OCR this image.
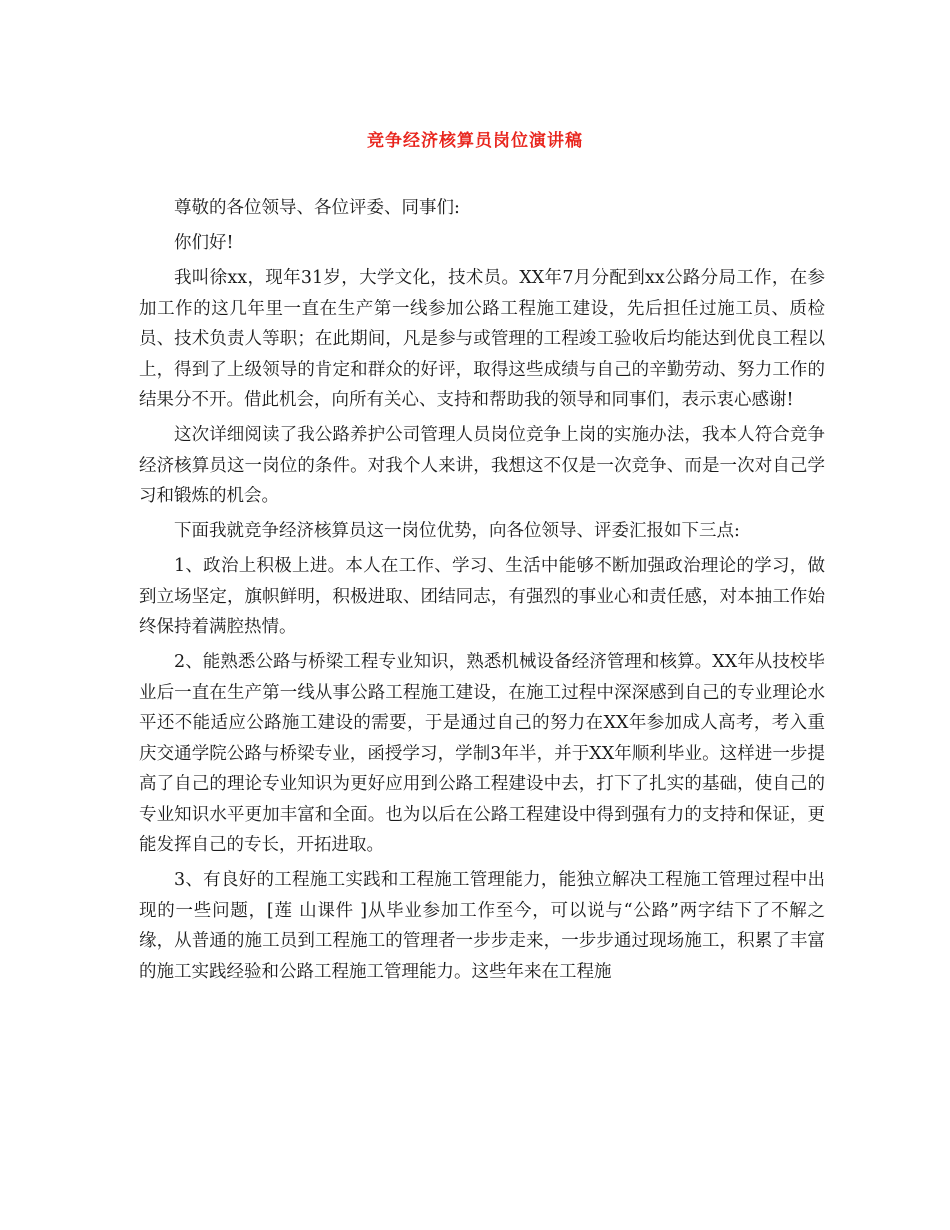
竞争经济核算员岗位演讲稿

尊敬的各位领导、各位评委、同事们:

你们好!

我叫徐xx，现年31岁，大学文化，技术员。XX年7月分配到xx公路分局工作，在参加工作的这几年里一直在生产第一线参加公路工程施工建设，先后担任过施工员、质检员、技术负责人等职；在此期间，凡是参与或管理的工程竣工验收后均能达到优良工程以上，得到了上级领导的肯定和群众的好评，取得这些成绩与自己的辛勤劳动、努力工作的结果分不开。借此机会，向所有关心、支持和帮助我的领导和同事们，表示衷心感谢!

这次详细阅读了我公路养护公司管理人员岗位竞争上岗的实施办法，我本人符合竞争经济核算员这一岗位的条件。对我个人来讲，我想这不仅是一次竞争、而是一次对自己学习和锻炼的机会。

下面我就竞争经济核算员这一岗位优势，向各位领导、评委汇报如下三点:

1、政治上积极上进。本人在工作、学习、生活中能够不断加强政治理论的学习，做到立场坚定，旗帜鲜明，积极进取、团结同志，有强烈的事业心和责任感，对本抽工作始终保持着满腔热情。

2、能熟悉公路与桥梁工程专业知识，熟悉机械设备经济管理和核算。XX年从技校毕业后一直在生产第一线从事公路工程施工建设，在施工过程中深深感到自己的专业理论水平还不能适应公路施工建设的需要，于是通过自己的努力在XX年参加成人高考，考入重庆交通学院公路与桥梁专业，函授学习，学制3年半，并于XX年顺利毕业。这样进一步提高了自己的理论专业知识为更好应用到公路工程建设中去，打下了扎实的基础，使自己的专业知识水平更加丰富和全面。也为以后在公路工程建设中得到强有力的支持和保证，更能发挥自己的专长，开拓进取。

3、有良好的工程施工实践和工程施工管理能力，能独立解决工程施工管理过程中出现的一些问题，[莲 山课件 ]从毕业参加工作至今，可以说与“公路”两字结下了不解之缘，从普通的施工员到工程施工的管理者一步步走来，一步步通过现场施工，积累了丰富的施工实践经验和公路工程施工管理能力。这些年来在工程施
